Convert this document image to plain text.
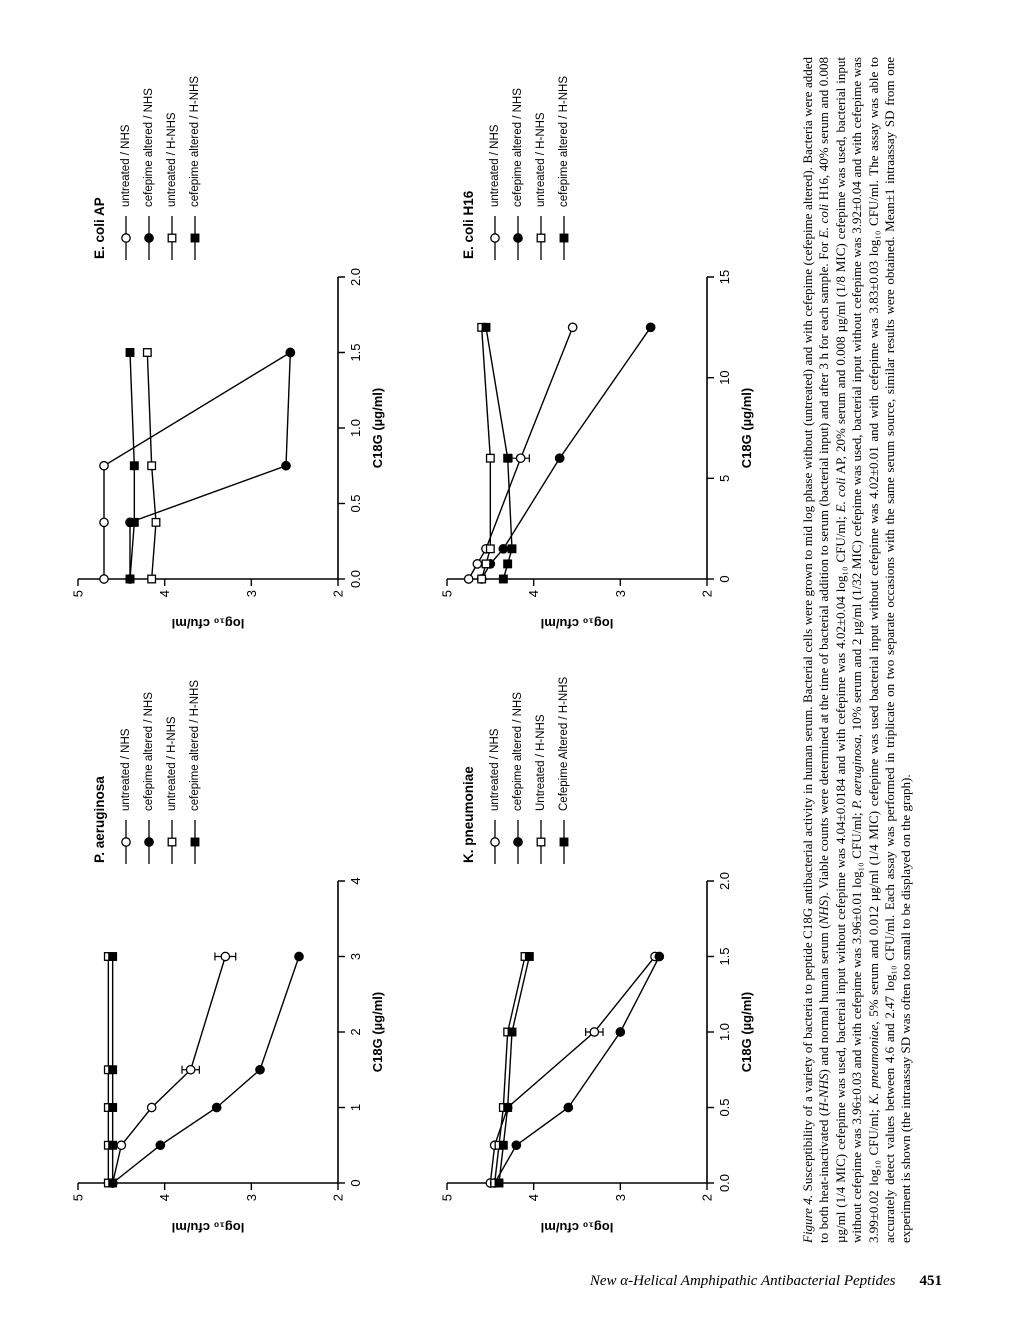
2
3
4
5
0
1
2
3
4
C18G (µg/ml)
log₁₀ cfu/ml
P. aeruginosa
untreated / NHS cefepime altered / NHS untreated / H-NHS cefepime altered / H-NHS
2
3
4
5
0.0
0.5
1.0
1.5
2.0
C18G (µg/ml)
log₁₀ cfu/ml
E. coli AP
untreated / NHS cefepime altered / NHS untreated / H-NHS cefepime altered / H-NHS
2
3
4
5
0.0
0.5
1.0
1.5
2.0
C18G (µg/ml)
log₁₀ cfu/ml
K. pneumoniae untreated / NHS cefepime altered / NHS Untreated / H-NHS Cefepime Altered / H-NHS
2
3
4
5
0
5
10
15
C18G (µg/ml)
log₁₀ cfu/ml
E. coli H16
untreated / NHS cefepime altered / NHS untreated / H-NHS cefepime altered / H-NHS

Figure 4. Susceptibility of a variety of bacteria to peptide C18G antibacterial activity in human serum. Bacterial cells were grown to mid log phase without (untreated) and with cefepime (cefepime altered). Bacteria were added to both heat-inactivated (H-NHS) and normal human serum (NHS). Viable counts were determined at the time of bacterial addition to serum (bacterial input) and after 3 h for each sample. For E. coli H16, 40% serum and 0.008 µg/ml (1/4 MIC) cefepime was used, bacterial input without cefepime was 4.04±0.0184 and with cefepime was 4.02±0.04 log₁₀ CFU/ml; E. coli AP, 20% serum and 0.008 µg/ml (1/8 MIC) cefepime was used, bacterial input without cefepime was 3.96±0.03 and with cefepime was 3.96±0.01 log₁₀ CFU/ml; P. aeruginosa, 10% serum and 2 µg/ml (1/32 MIC) cefepime was used, bacterial input without cefepime was 3.92±0.04 and with cefepime was 3.99±0.02 log₁₀ CFU/ml; K. pneumoniae, 5% serum and 0.012 µg/ml (1/4 MIC) cefepime was used bacterial input without cefepime was 4.02±0.01 and with cefepime was 3.83±0.03 log₁₀ CFU/ml. The assay was able to accurately detect values between 4.6 and 2.47 log₁₀ CFU/ml. Each assay was performed in triplicate on two separate occasions with the same serum source, similar results were obtained. Mean±1 intraassay SD from one experiment is shown (the intraassay SD was often too small to be displayed on the graph).

New α-Helical Amphipathic Antibacterial Peptides 451
